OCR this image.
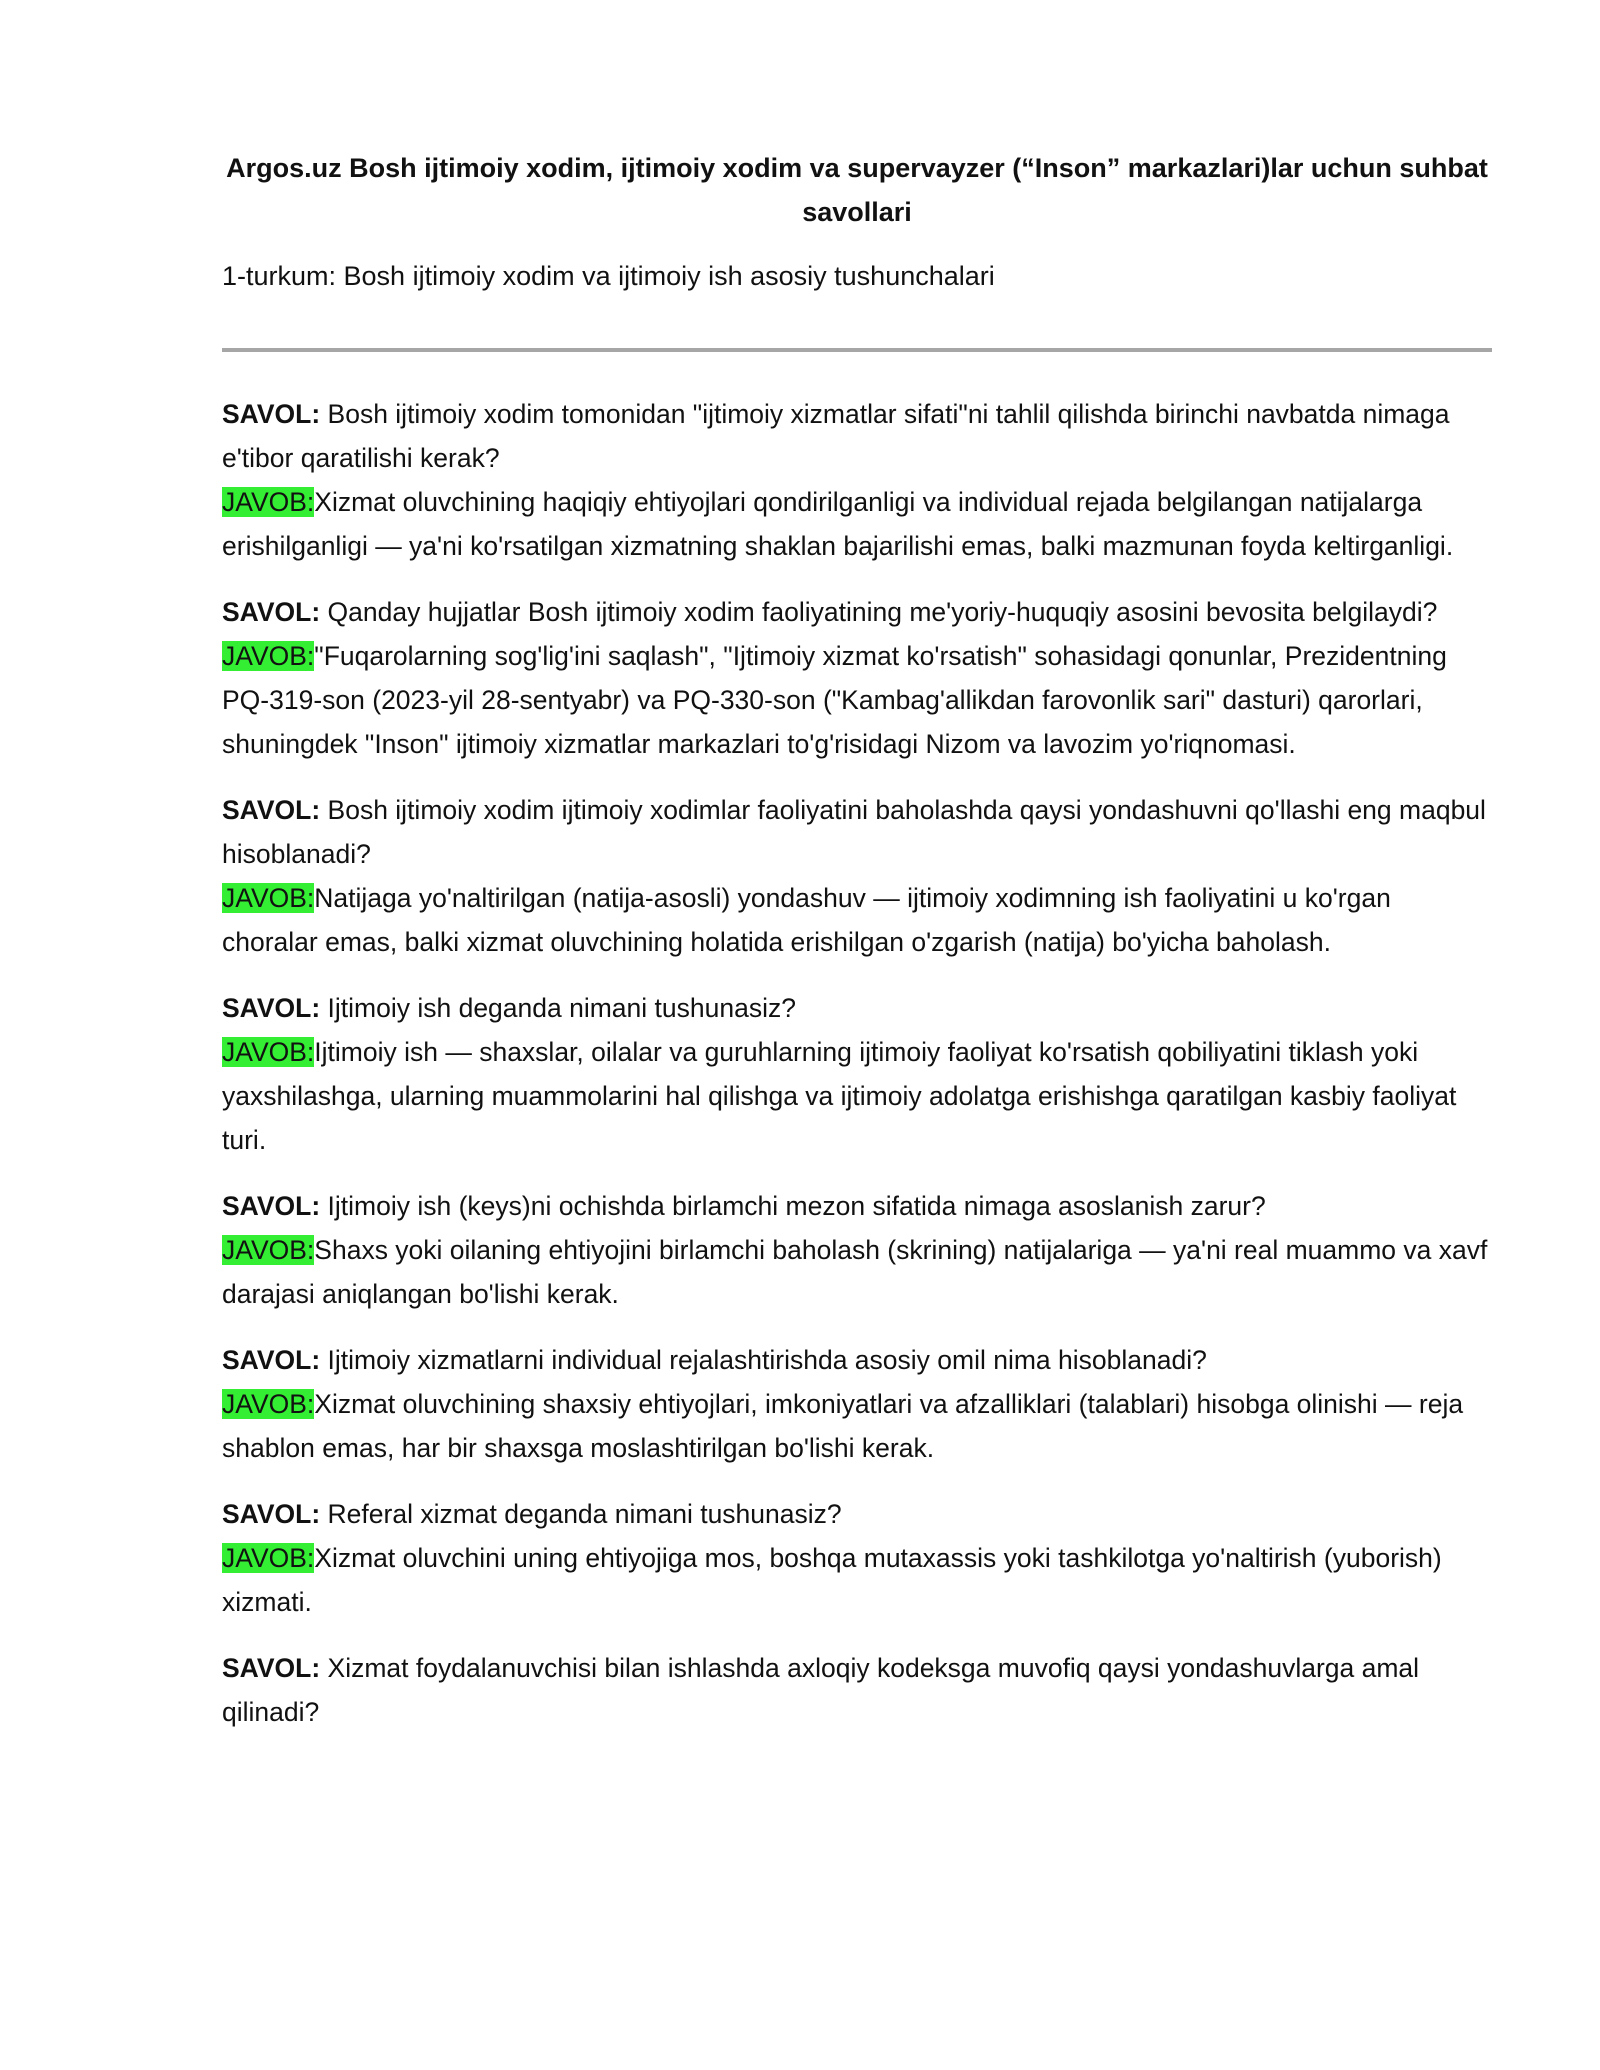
Argos.uz Bosh ijtimoiy xodim, ijtimoiy xodim va supervayzer (“Inson” markazlari)lar uchun suhbat savollari

1-turkum: Bosh ijtimoiy xodim va ijtimoiy ish asosiy tushunchalari

SAVOL: Bosh ijtimoiy xodim tomonidan "ijtimoiy xizmatlar sifati"ni tahlil qilishda birinchi navbatda nimaga e'tibor qaratilishi kerak?

JAVOB:Xizmat oluvchining haqiqiy ehtiyojlari qondirilganligi va individual rejada belgilangan natijalarga erishilganligi — ya'ni ko'rsatilgan xizmatning shaklan bajarilishi emas, balki mazmunan foyda keltirganligi.

SAVOL: Qanday hujjatlar Bosh ijtimoiy xodim faoliyatining me'yoriy-huquqiy asosini bevosita belgilaydi?

JAVOB:"Fuqarolarning sog'lig'ini saqlash", "Ijtimoiy xizmat ko'rsatish" sohasidagi qonunlar, Prezidentning PQ-319-son (2023-yil 28-sentyabr) va PQ-330-son ("Kambag'allikdan farovonlik sari" dasturi) qarorlari, shuningdek "Inson" ijtimoiy xizmatlar markazlari to'g'risidagi Nizom va lavozim yo'riqnomasi.

SAVOL: Bosh ijtimoiy xodim ijtimoiy xodimlar faoliyatini baholashda qaysi yondashuvni qo'llashi eng maqbul hisoblanadi?

JAVOB:Natijaga yo'naltirilgan (natija-asosli) yondashuv — ijtimoiy xodimning ish faoliyatini u ko'rgan choralar emas, balki xizmat oluvchining holatida erishilgan o'zgarish (natija) bo'yicha baholash.

SAVOL: Ijtimoiy ish deganda nimani tushunasiz?

JAVOB:Ijtimoiy ish — shaxslar, oilalar va guruhlarning ijtimoiy faoliyat ko'rsatish qobiliyatini tiklash yoki yaxshilashga, ularning muammolarini hal qilishga va ijtimoiy adolatga erishishga qaratilgan kasbiy faoliyat turi.

SAVOL: Ijtimoiy ish (keys)ni ochishda birlamchi mezon sifatida nimaga asoslanish zarur?

JAVOB:Shaxs yoki oilaning ehtiyojini birlamchi baholash (skrining) natijalariga — ya'ni real muammo va xavf darajasi aniqlangan bo'lishi kerak.

SAVOL: Ijtimoiy xizmatlarni individual rejalashtirishda asosiy omil nima hisoblanadi?

JAVOB:Xizmat oluvchining shaxsiy ehtiyojlari, imkoniyatlari va afzalliklari (talablari) hisobga olinishi — reja shablon emas, har bir shaxsga moslashtirilgan bo'lishi kerak.

SAVOL: Referal xizmat deganda nimani tushunasiz?

JAVOB:Xizmat oluvchini uning ehtiyojiga mos, boshqa mutaxassis yoki tashkilotga yo'naltirish (yuborish) xizmati.

SAVOL: Xizmat foydalanuvchisi bilan ishlashda axloqiy kodeksga muvofiq qaysi yondashuvlarga amal qilinadi?
